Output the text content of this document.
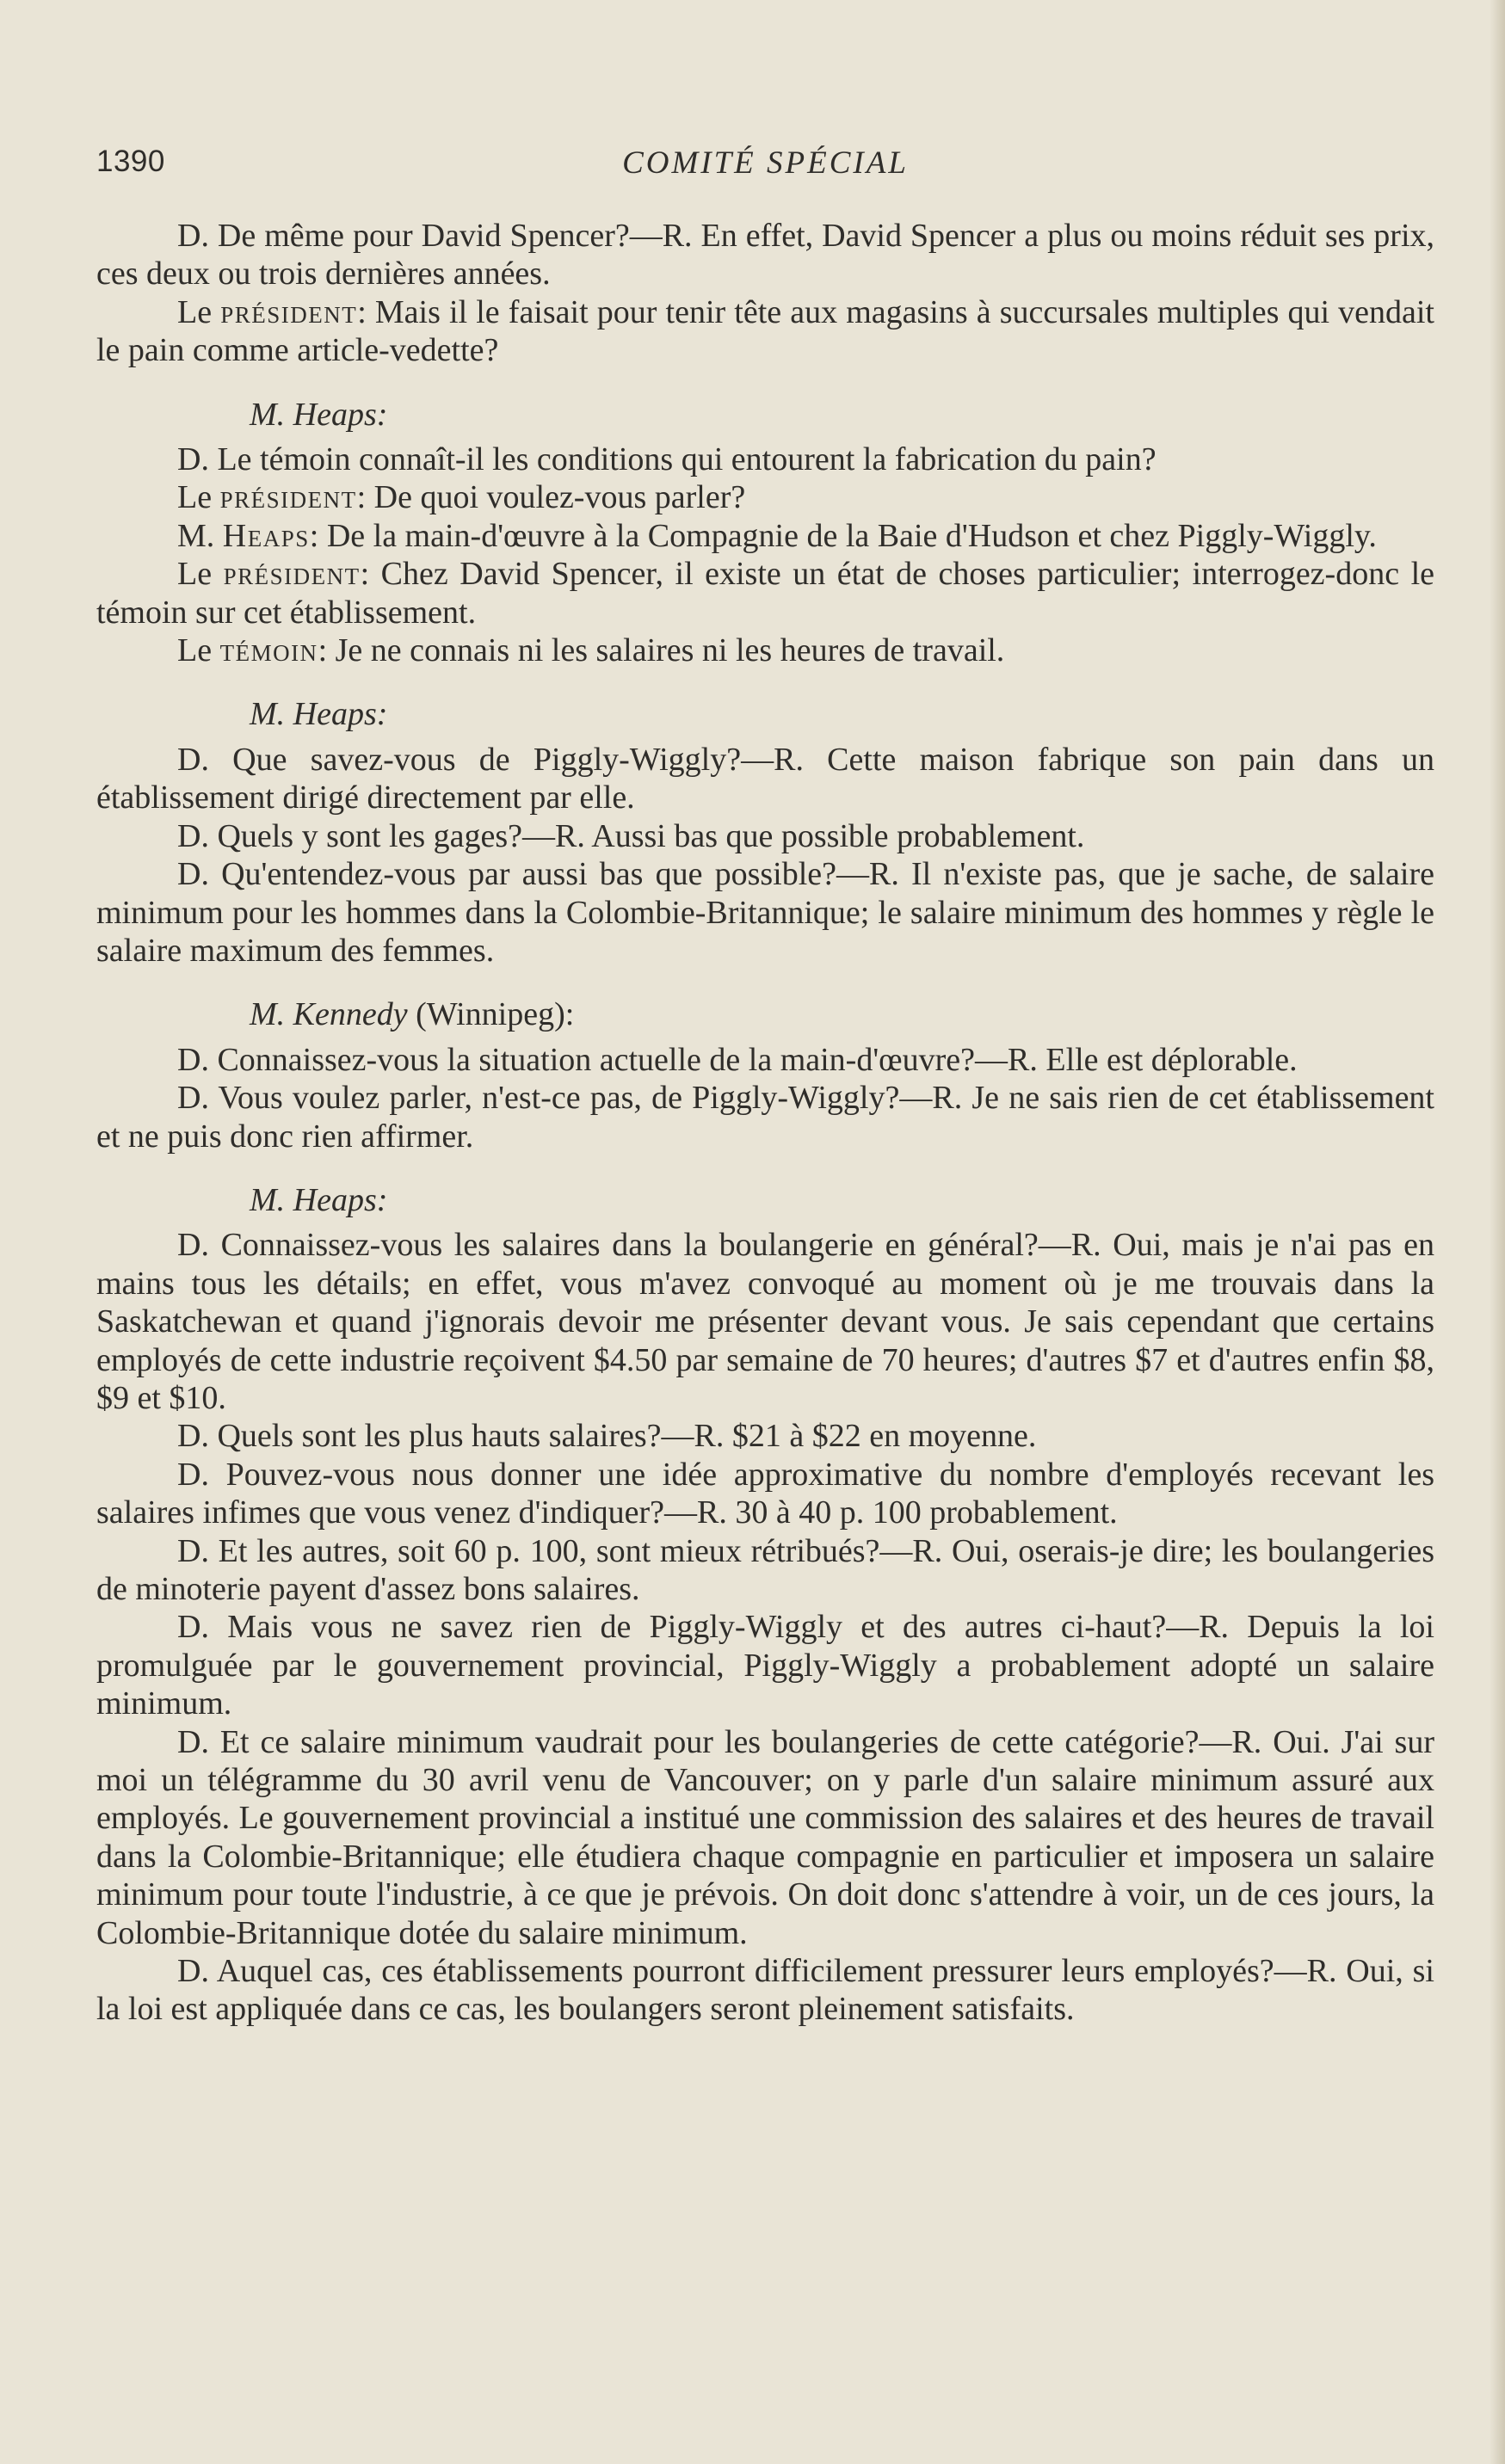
1390	COMITÉ SPÉCIAL

D. De même pour David Spencer?—R. En effet, David Spencer a plus ou moins réduit ses prix, ces deux ou trois dernières années.

Le président: Mais il le faisait pour tenir tête aux magasins à succursales multiples qui vendait le pain comme article-vedette?

M. Heaps:

D. Le témoin connaît-il les conditions qui entourent la fabrication du pain?

Le président: De quoi voulez-vous parler?

M. Heaps: De la main-d'œuvre à la Compagnie de la Baie d'Hudson et chez Piggly-Wiggly.

Le président: Chez David Spencer, il existe un état de choses particulier; interrogez-donc le témoin sur cet établissement.

Le témoin: Je ne connais ni les salaires ni les heures de travail.

M. Heaps:

D. Que savez-vous de Piggly-Wiggly?—R. Cette maison fabrique son pain dans un établissement dirigé directement par elle.

D. Quels y sont les gages?—R. Aussi bas que possible probablement.

D. Qu'entendez-vous par aussi bas que possible?—R. Il n'existe pas, que je sache, de salaire minimum pour les hommes dans la Colombie-Britannique; le salaire minimum des hommes y règle le salaire maximum des femmes.

M. Kennedy (Winnipeg):

D. Connaissez-vous la situation actuelle de la main-d'œuvre?—R. Elle est déplorable.

D. Vous voulez parler, n'est-ce pas, de Piggly-Wiggly?—R. Je ne sais rien de cet établissement et ne puis donc rien affirmer.

M. Heaps:

D. Connaissez-vous les salaires dans la boulangerie en général?—R. Oui, mais je n'ai pas en mains tous les détails; en effet, vous m'avez convoqué au moment où je me trouvais dans la Saskatchewan et quand j'ignorais devoir me présenter devant vous. Je sais cependant que certains employés de cette industrie reçoivent $4.50 par semaine de 70 heures; d'autres $7 et d'autres enfin $8, $9 et $10.

D. Quels sont les plus hauts salaires?—R. $21 à $22 en moyenne.

D. Pouvez-vous nous donner une idée approximative du nombre d'employés recevant les salaires infimes que vous venez d'indiquer?—R. 30 à 40 p. 100 probablement.

D. Et les autres, soit 60 p. 100, sont mieux rétribués?—R. Oui, oserais-je dire; les boulangeries de minoterie payent d'assez bons salaires.

D. Mais vous ne savez rien de Piggly-Wiggly et des autres ci-haut?—R. Depuis la loi promulguée par le gouvernement provincial, Piggly-Wiggly a probablement adopté un salaire minimum.

D. Et ce salaire minimum vaudrait pour les boulangeries de cette catégorie?—R. Oui. J'ai sur moi un télégramme du 30 avril venu de Vancouver; on y parle d'un salaire minimum assuré aux employés. Le gouvernement provincial a institué une commission des salaires et des heures de travail dans la Colombie-Britannique; elle étudiera chaque compagnie en particulier et imposera un salaire minimum pour toute l'industrie, à ce que je prévois. On doit donc s'attendre à voir, un de ces jours, la Colombie-Britannique dotée du salaire minimum.

D. Auquel cas, ces établissements pourront difficilement pressurer leurs employés?—R. Oui, si la loi est appliquée dans ce cas, les boulangers seront pleinement satisfaits.
